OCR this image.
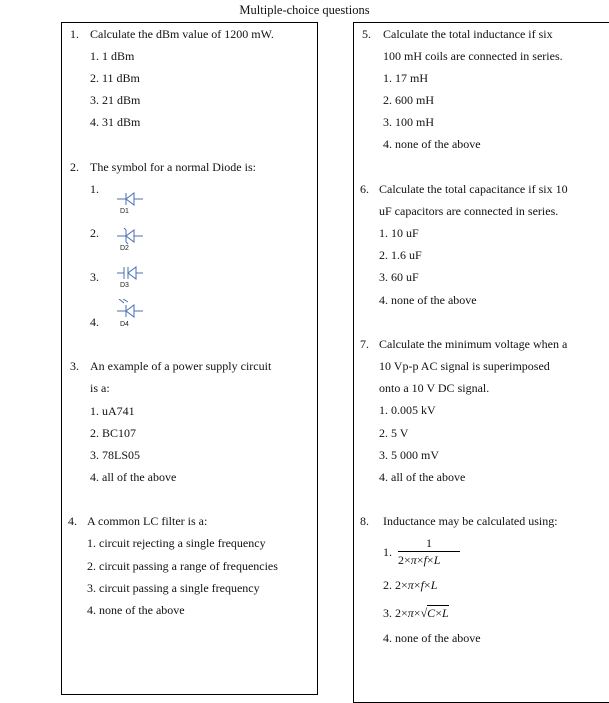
Multiple-choice questions
1. Calculate the dBm value of 1200 mW.
1. 1 dBm
2. 11 dBm
3. 21 dBm
4. 31 dBm
2. The symbol for a normal Diode is:
1.
D1
2.
D2
3.
D3
4.	D4
3. An example of a power supply circuit
is a:
1. uA741
2. BC107
3. 78LS05
4. all of the above
4. A common LC filter is a:
1. circuit rejecting a single frequency
2. circuit passing a range of frequencies
3. circuit passing a single frequency
4. none of the above
5. Calculate the total inductance if six
100 mH coils are connected in series.
1. 17 mH
2. 600 mH
3. 100 mH
4. none of the above
6. Calculate the total capacitance if six 10
uF capacitors are connected in series.
1. 10 uF
2. 1.6 uF
3. 60 uF
4. none of the above
7. Calculate the minimum voltage when a
10 Vp-p AC signal is superimposed
onto a 10 V DC signal.
1. 0.005 kV
2. 5 V
3. 5 000 mV
4. all of the above
8. Inductance may be calculated using:
1.
1
2×π×f×L
2. 2×π×f×L
3. 2×π×√C×L
4. none of the above
